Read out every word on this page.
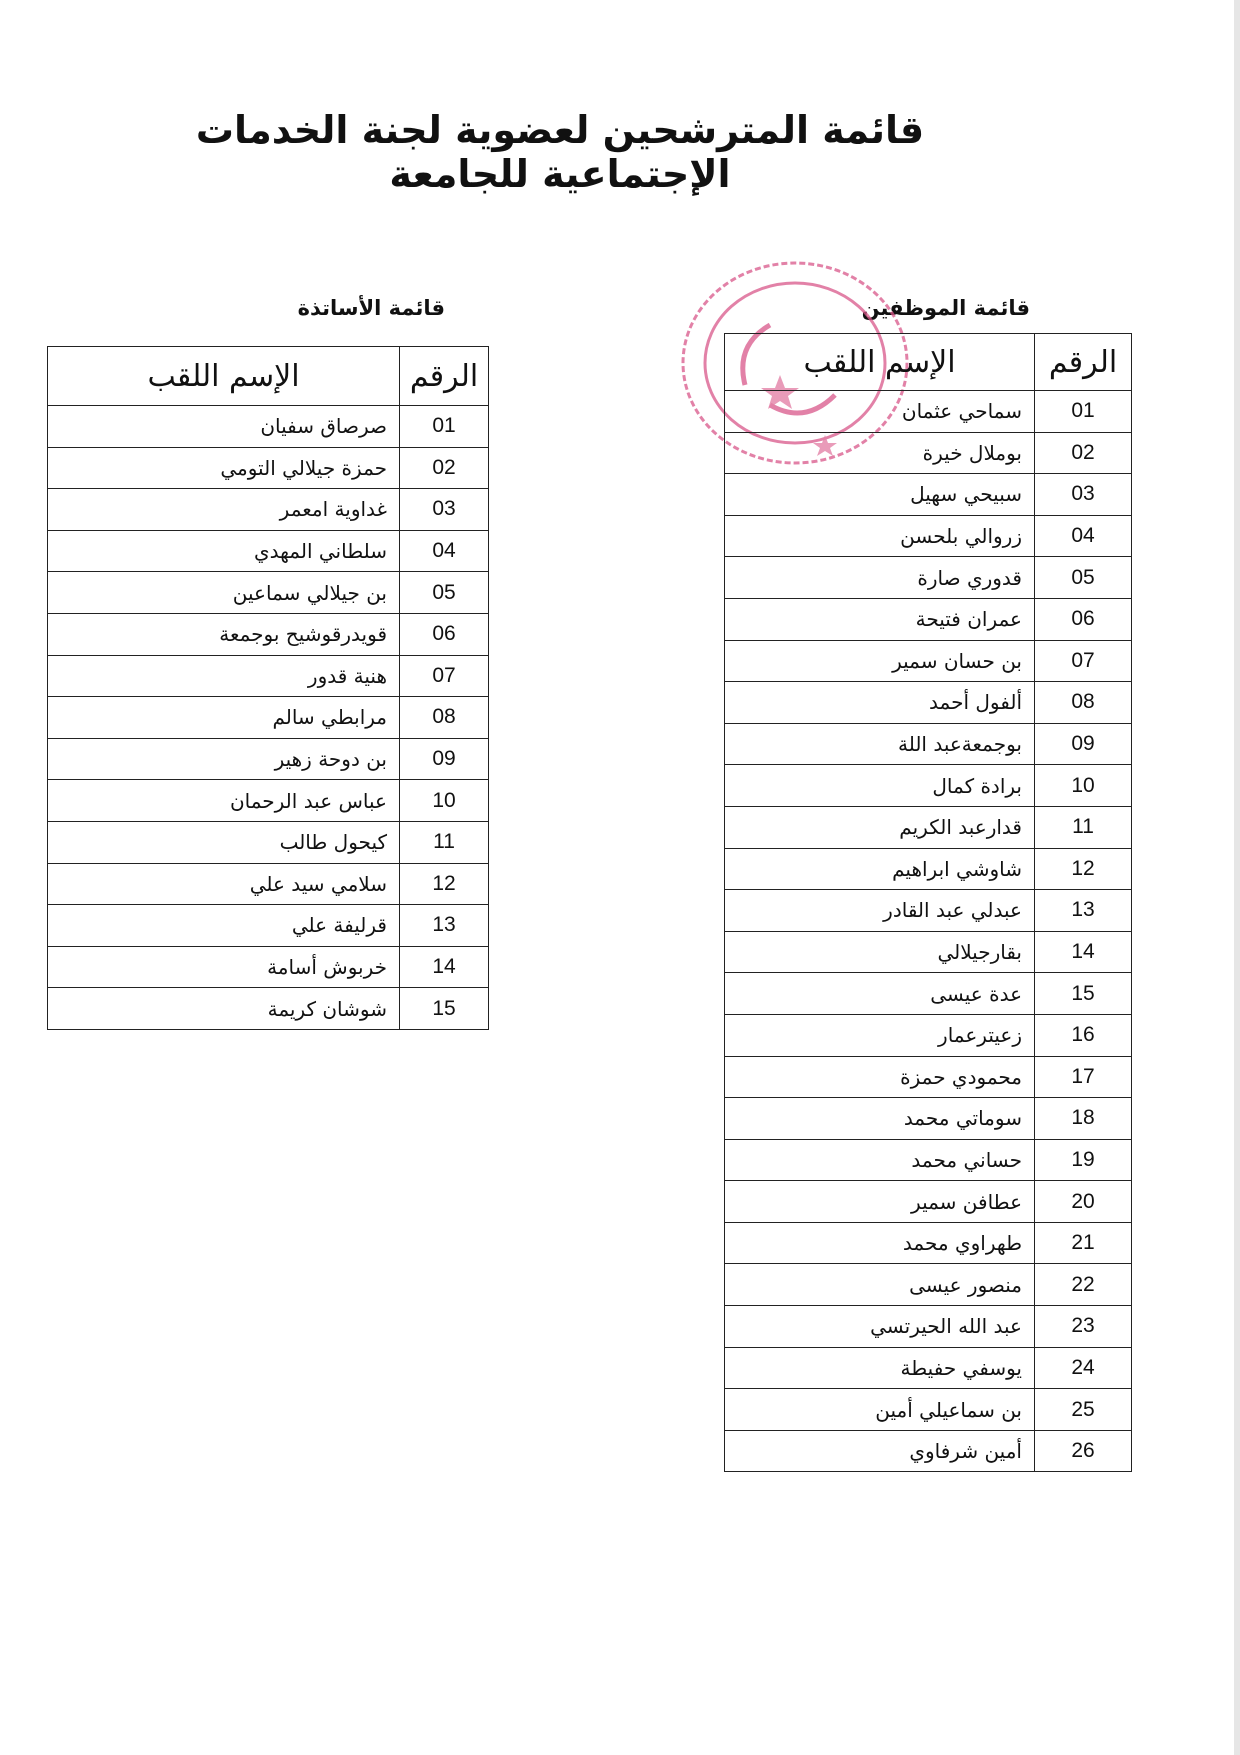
قائمة المترشحين لعضوية لجنة الخدمات الإجتماعية للجامعة
قائمة الموظفين
قائمة الأساتذة
الرقم	الإسم اللقب
01	سماحي عثمان
02	بوملال خيرة
03	سبيحي سهيل
04	زروالي بلحسن
05	قدوري صارة
06	عمران فتيحة
07	بن حسان سمير
08	ألفول أحمد
09	بوجمعةعبد اللة
10	برادة كمال
11	قدارعبد الكريم
12	شاوشي ابراهيم
13	عبدلي عبد القادر
14	بقارجيلالي
15	عدة عيسى
16	زعيترعمار
17	محمودي حمزة
18	سوماتي محمد
19	حساني محمد
20	عطافن سمير
21	طهراوي محمد
22	منصور عيسى
23	عبد الله الحيرتسي
24	يوسفي حفيطة
25	بن سماعيلي أمين
26	أمين شرفاوي
الرقم	الإسم اللقب
01	صرصاق سفيان
02	حمزة جيلالي التومي
03	غداوية امعمر
04	سلطاني المهدي
05	بن جيلالي سماعين
06	قويدرقوشيح بوجمعة
07	هنية قدور
08	مرابطي سالم
09	بن دوحة زهير
10	عباس عبد الرحمان
11	كيحول طالب
12	سلامي سيد علي
13	قرليفة علي
14	خربوش أسامة
15	شوشان كريمة
